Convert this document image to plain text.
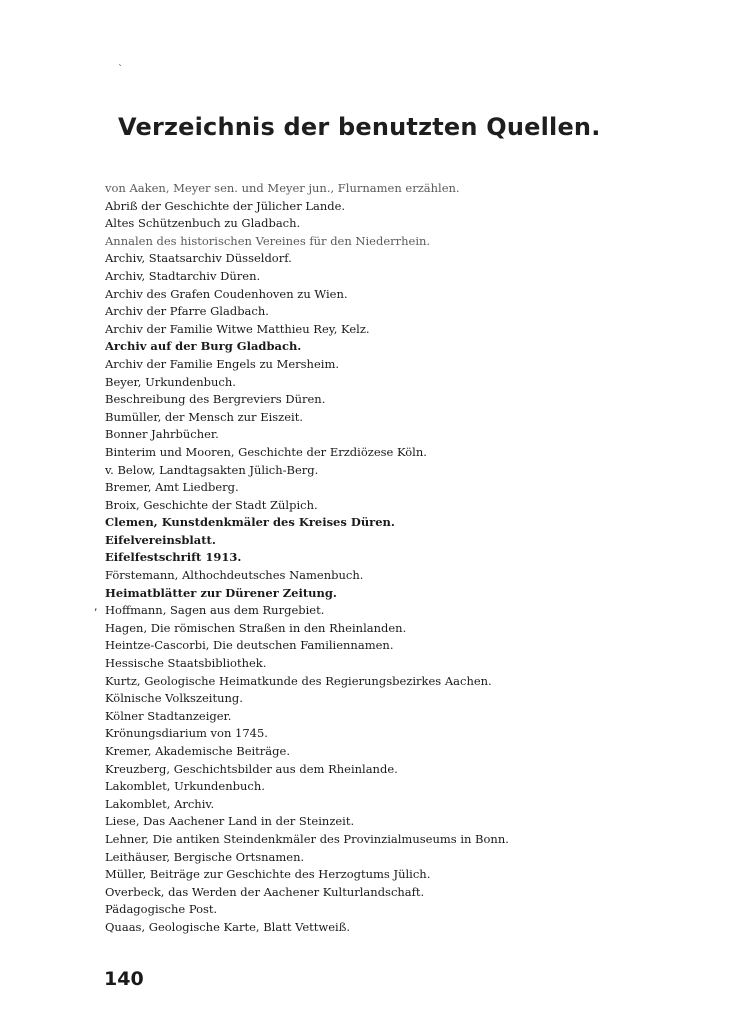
`
Verzeichnis der benutzten Quellen.
von Aaken, Meyer sen. und Meyer jun., Flurnamen erzählen.
Abriß der Geschichte der Jülicher Lande.
Altes Schützenbuch zu Gladbach.
Annalen des historischen Vereines für den Niederrhein.
Archiv, Staatsarchiv Düsseldorf.
Archiv, Stadtarchiv Düren.
Archiv des Grafen Coudenhoven zu Wien.
Archiv der Pfarre Gladbach.
Archiv der Familie Witwe Matthieu Rey, Kelz.
Archiv auf der Burg Gladbach.
Archiv der Familie Engels zu Mersheim.
Beyer, Urkundenbuch.
Beschreibung des Bergreviers Düren.
Bumüller, der Mensch zur Eiszeit.
Bonner Jahrbücher.
Binterim und Mooren, Geschichte der Erzdiözese Köln.
v. Below, Landtagsakten Jülich-Berg.
Bremer, Amt Liedberg.
Broix, Geschichte der Stadt Zülpich.
Clemen, Kunstdenkmäler des Kreises Düren.
Eifelvereinsblatt.
Eifelfestschrift 1913.
Förstemann, Althochdeutsches Namenbuch.
Heimatblätter zur Dürener Zeitung.
Hoffmann, Sagen aus dem Rurgebiet.
Hagen, Die römischen Straßen in den Rheinlanden.
Heintze-Cascorbi, Die deutschen Familiennamen.
Hessische Staatsbibliothek.
Kurtz, Geologische Heimatkunde des Regierungsbezirkes Aachen.
Kölnische Volkszeitung.
Kölner Stadtanzeiger.
Krönungsdiarium von 1745.
Kremer, Akademische Beiträge.
Kreuzberg, Geschichtsbilder aus dem Rheinlande.
Lakomblet, Urkundenbuch.
Lakomblet, Archiv.
Liese, Das Aachener Land in der Steinzeit.
Lehner, Die antiken Steindenkmäler des Provinzialmuseums in Bonn.
Leithäuser, Bergische Ortsnamen.
Müller, Beiträge zur Geschichte des Herzogtums Jülich.
Overbeck, das Werden der Aachener Kulturlandschaft.
Pädagogische Post.
Quaas, Geologische Karte, Blatt Vettweiß.
,
140
